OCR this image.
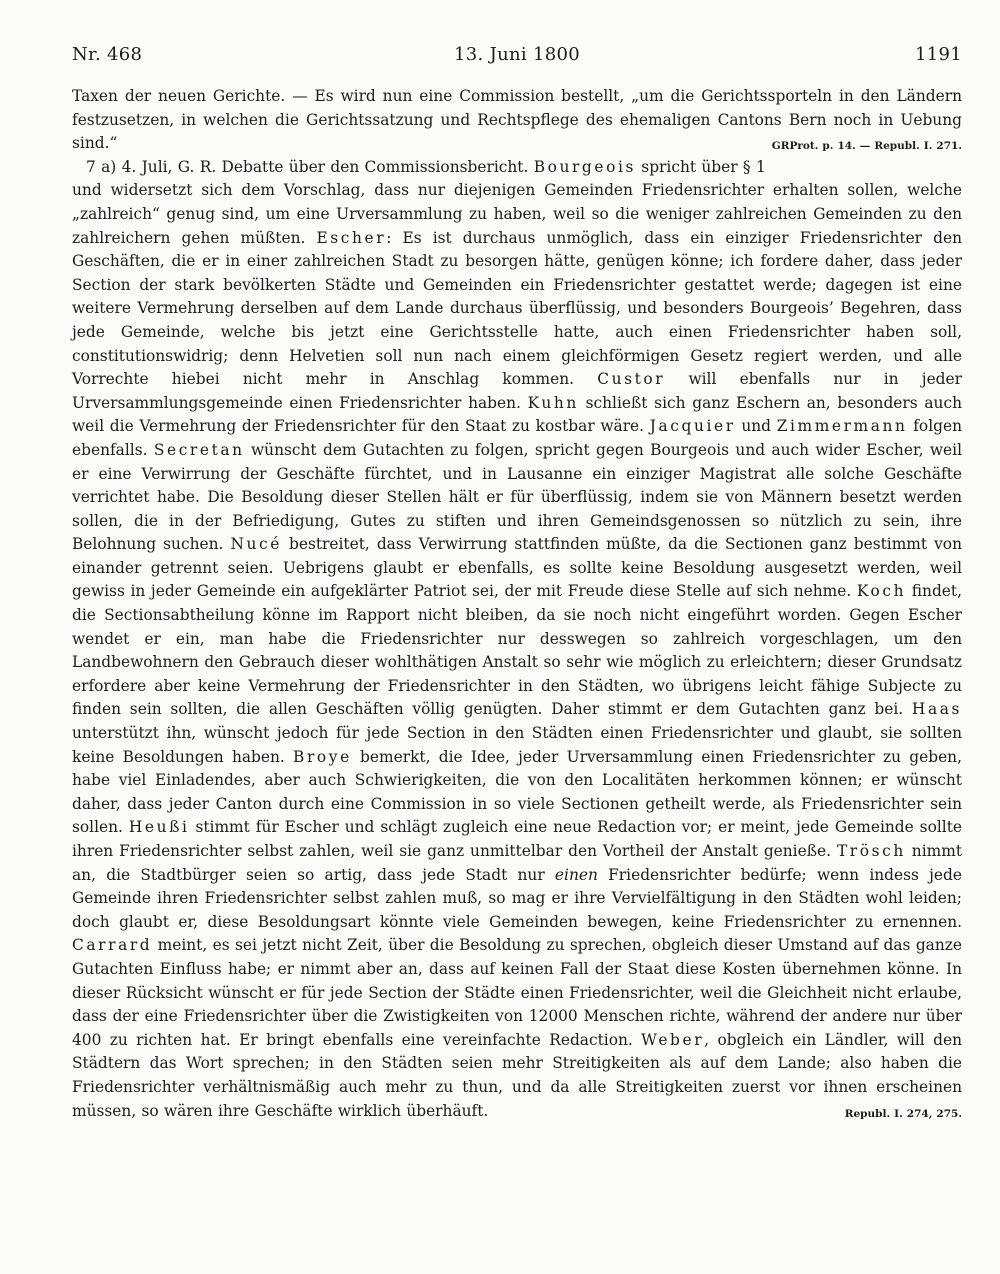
Nr. 468	13. Juni 1800	1191

Taxen der neuen Gerichte. — Es wird nun eine Commission bestellt, „um die Gerichtssporteln in den Ländern festzusetzen, in welchen die Gerichtssatzung und Rechtspflege des ehemaligen Cantons Bern noch in Uebung sind.“	GRProt. p. 14. — Republ. I. 271.

7 a) 4. Juli, G. R. Debatte über den Commissionsbericht. Bourgeois spricht über § 1 und widersetzt sich dem Vorschlag, dass nur diejenigen Gemeinden Friedensrichter erhalten sollen, welche „zahlreich“ genug sind, um eine Urversammlung zu haben, weil so die weniger zahlreichen Gemeinden zu den zahlreichern gehen müßten. Escher: Es ist durchaus unmöglich, dass ein einziger Friedensrichter den Geschäften, die er in einer zahlreichen Stadt zu besorgen hätte, genügen könne; ich fordere daher, dass jeder Section der stark bevölkerten Städte und Gemeinden ein Friedensrichter gestattet werde; dagegen ist eine weitere Vermehrung derselben auf dem Lande durchaus überflüssig, und besonders Bourgeois’ Begehren, dass jede Gemeinde, welche bis jetzt eine Gerichtsstelle hatte, auch einen Friedensrichter haben soll, constitutionswidrig; denn Helvetien soll nun nach einem gleichförmigen Gesetz regiert werden, und alle Vorrechte hiebei nicht mehr in Anschlag kommen. Custor will ebenfalls nur in jeder Urversammlungsgemeinde einen Friedensrichter haben. Kuhn schließt sich ganz Eschern an, besonders auch weil die Vermehrung der Friedensrichter für den Staat zu kostbar wäre. Jacquier und Zimmermann folgen ebenfalls. Secretan wünscht dem Gutachten zu folgen, spricht gegen Bourgeois und auch wider Escher, weil er eine Verwirrung der Geschäfte fürchtet, und in Lausanne ein einziger Magistrat alle solche Geschäfte verrichtet habe. Die Besoldung dieser Stellen hält er für überflüssig, indem sie von Männern besetzt werden sollen, die in der Befriedigung, Gutes zu stiften und ihren Gemeindsgenossen so nützlich zu sein, ihre Belohnung suchen. Nucé bestreitet, dass Verwirrung stattfinden müßte, da die Sectionen ganz bestimmt von einander getrennt seien. Uebrigens glaubt er ebenfalls, es sollte keine Besoldung ausgesetzt werden, weil gewiss in jeder Gemeinde ein aufgeklärter Patriot sei, der mit Freude diese Stelle auf sich nehme. Koch findet, die Sectionsabtheilung könne im Rapport nicht bleiben, da sie noch nicht eingeführt worden. Gegen Escher wendet er ein, man habe die Friedensrichter nur desswegen so zahlreich vorgeschlagen, um den Landbewohnern den Gebrauch dieser wohlthätigen Anstalt so sehr wie möglich zu erleichtern; dieser Grundsatz erfordere aber keine Vermehrung der Friedensrichter in den Städten, wo übrigens leicht fähige Subjecte zu finden sein sollten, die allen Geschäften völlig genügten. Daher stimmt er dem Gutachten ganz bei. Haas unterstützt ihn, wünscht jedoch für jede Section in den Städten einen Friedensrichter und glaubt, sie sollten keine Besoldungen haben. Broye bemerkt, die Idee, jeder Urversammlung einen Friedensrichter zu geben, habe viel Einladendes, aber auch Schwierigkeiten, die von den Localitäten herkommen können; er wünscht daher, dass jeder Canton durch eine Commission in so viele Sectionen getheilt werde, als Friedensrichter sein sollen. Heußi stimmt für Escher und schlägt zugleich eine neue Redaction vor; er meint, jede Gemeinde sollte ihren Friedensrichter selbst zahlen, weil sie ganz unmittelbar den Vortheil der Anstalt genieße. Trösch nimmt an, die Stadtbürger seien so artig, dass jede Stadt nur einen Friedensrichter bedürfe; wenn indess jede Gemeinde ihren Friedensrichter selbst zahlen muß, so mag er ihre Vervielfältigung in den Städten wohl leiden; doch glaubt er, diese Besoldungsart könnte viele Gemeinden bewegen, keine Friedensrichter zu ernennen. Carrard meint, es sei jetzt nicht Zeit, über die Besoldung zu sprechen, obgleich dieser Umstand auf das ganze Gutachten Einfluss habe; er nimmt aber an, dass auf keinen Fall der Staat diese Kosten übernehmen könne. In dieser Rücksicht wünscht er für jede Section der Städte einen Friedensrichter, weil die Gleichheit nicht erlaube, dass der eine Friedensrichter über die Zwistigkeiten von 12000 Menschen richte, während der andere nur über 400 zu richten hat. Er bringt ebenfalls eine vereinfachte Redaction. Weber, obgleich ein Ländler, will den Städtern das Wort sprechen; in den Städten seien mehr Streitigkeiten als auf dem Lande; also haben die Friedensrichter verhältnismäßig auch mehr zu thun, und da alle Streitigkeiten zuerst vor ihnen erscheinen müssen, so wären ihre Geschäfte wirklich überhäuft.	Republ. I. 274, 275.
